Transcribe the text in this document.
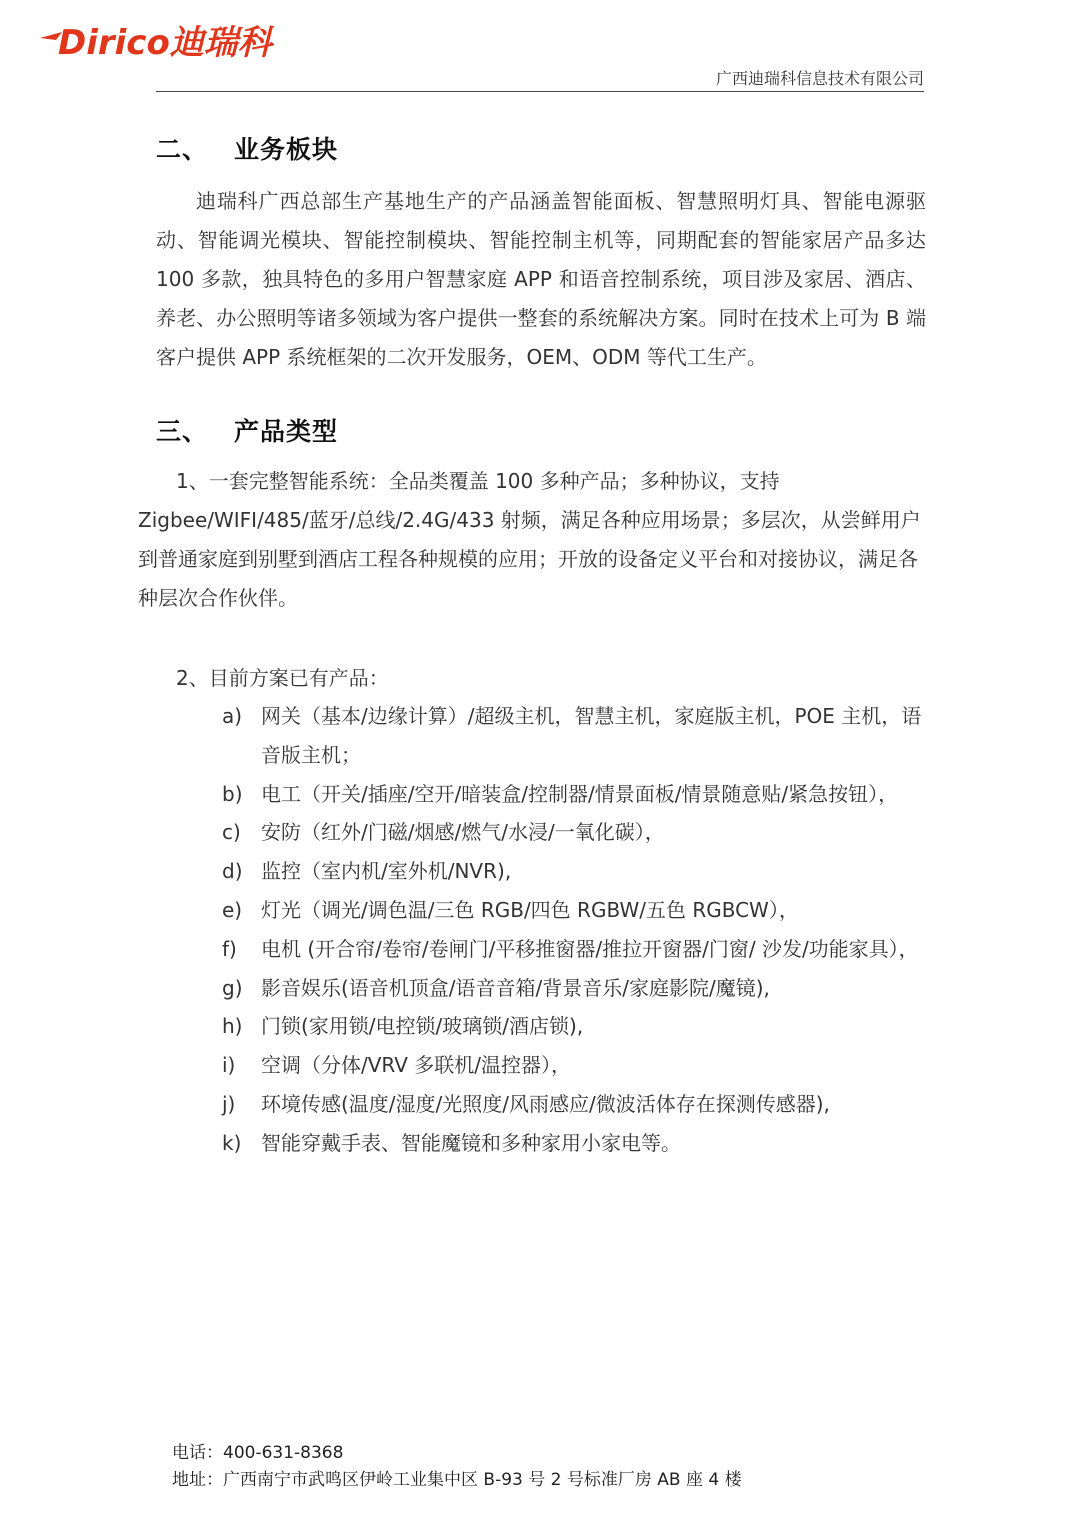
Dirico迪瑞科
广西迪瑞科信息技术有限公司
二、 业务板块
迪瑞科广西总部生产基地生产的产品涵盖智能面板、智慧照明灯具、智能电源驱动、智能调光模块、智能控制模块、智能控制主机等，同期配套的智能家居产品多达 100 多款，独具特色的多用户智慧家庭 APP 和语音控制系统，项目涉及家居、酒店、养老、办公照明等诸多领域为客户提供一整套的系统解决方案。同时在技术上可为 B 端客户提供 APP 系统框架的二次开发服务，OEM、ODM 等代工生产。
三、 产品类型
1、一套完整智能系统：全品类覆盖 100 多种产品；多种协议，支持 Zigbee/WIFI/485/蓝牙/总线/2.4G/433 射频，满足各种应用场景；多层次，从尝鲜用户到普通家庭到别墅到酒店工程各种规模的应用；开放的设备定义平台和对接协议，满足各种层次合作伙伴。
2、目前方案已有产品：
a) 网关（基本/边缘计算）/超级主机，智慧主机，家庭版主机，POE 主机，语音版主机；
b) 电工（开关/插座/空开/暗装盒/控制器/情景面板/情景随意贴/紧急按钮），
c)	安防（红外/门磁/烟感/燃气/水浸/一氧化碳），
d) 监控（室内机/室外机/NVR),
e) 灯光（调光/调色温/三色 RGB/四色 RGBW/五色 RGBCW），
f)	电机 (开合帘/卷帘/卷闸门/平移推窗器/推拉开窗器/门窗/ 沙发/功能家具），
g) 影音娱乐(语音机顶盒/语音音箱/背景音乐/家庭影院/魔镜),
h) 门锁(家用锁/电控锁/玻璃锁/酒店锁),
i)	空调（分体/VRV 多联机/温控器），
j)	环境传感(温度/湿度/光照度/风雨感应/微波活体存在探测传感器),
k) 智能穿戴手表、智能魔镜和多种家用小家电等。
电话：400-631-8368
地址：广西南宁市武鸣区伊岭工业集中区 B-93 号 2 号标准厂房 AB 座 4 楼
